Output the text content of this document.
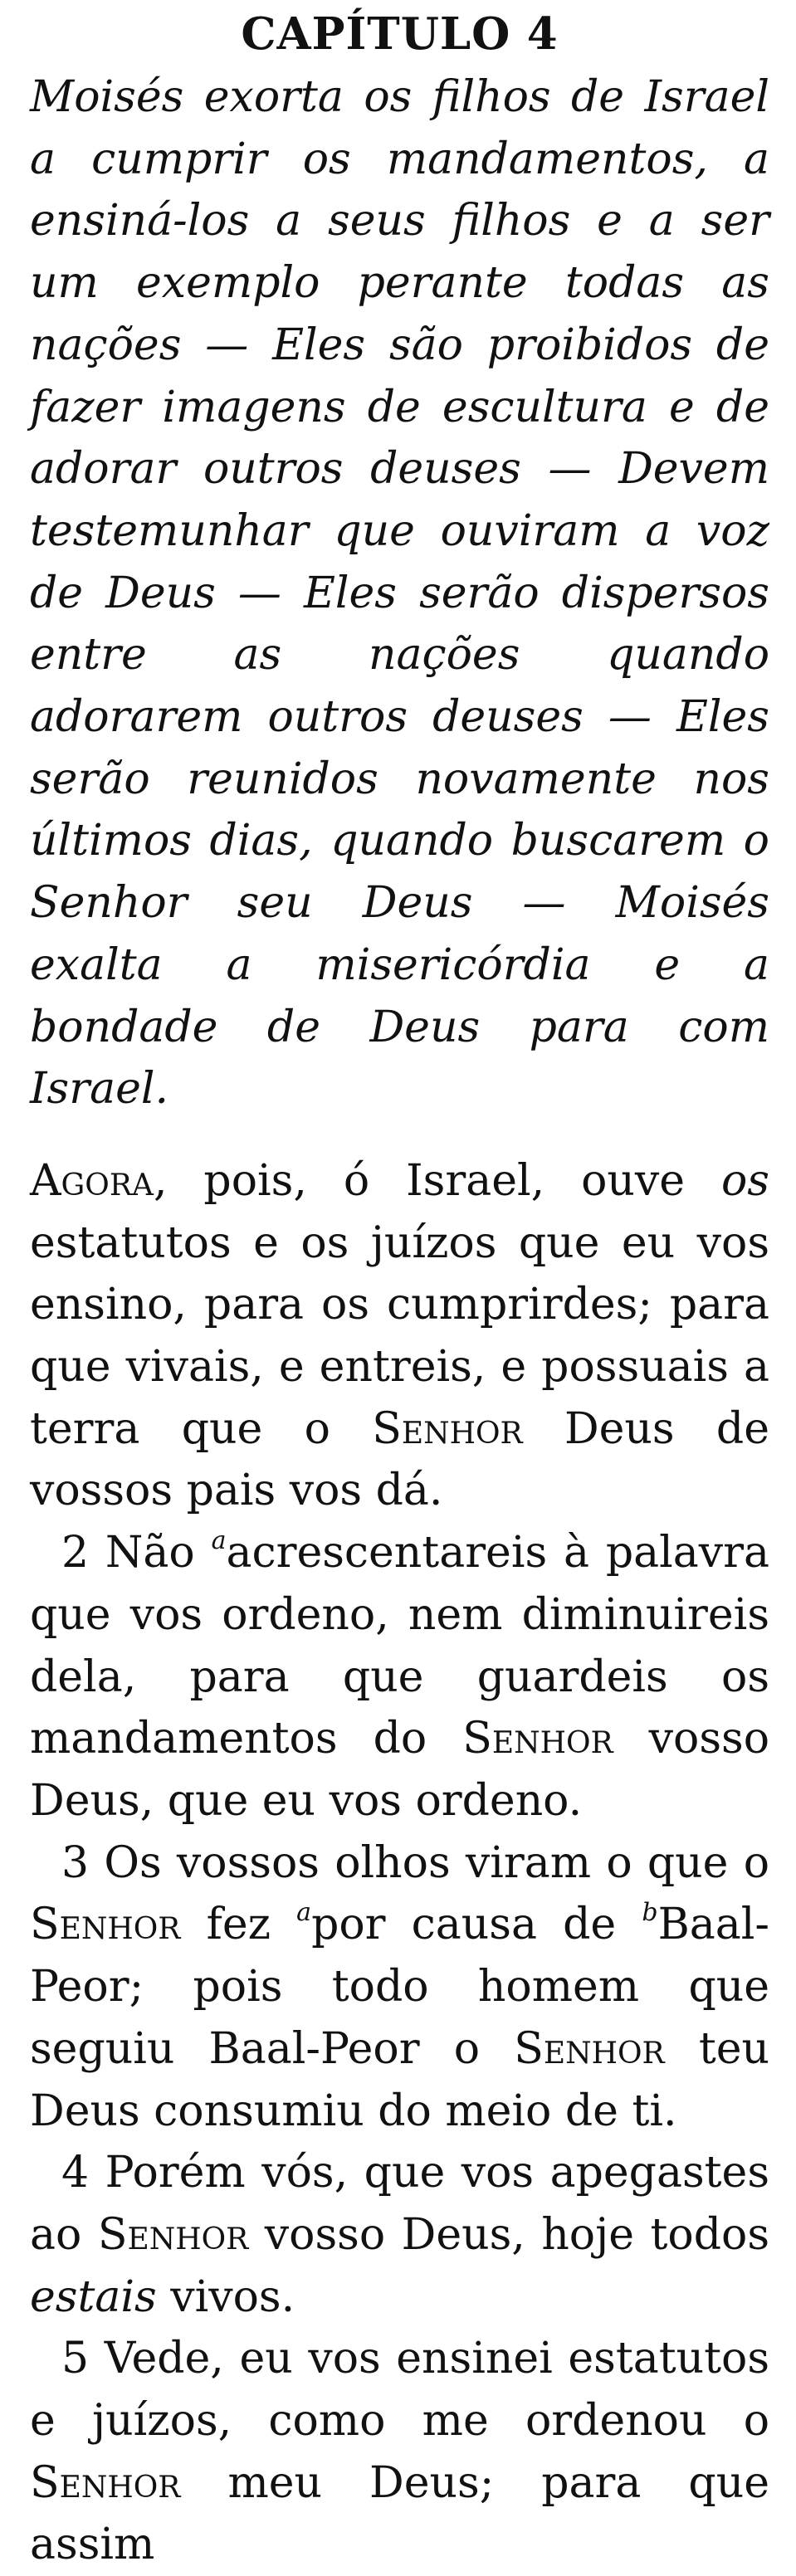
CAPÍTULO 4

Moisés exorta os filhos de Israel a cumprir os mandamentos, a ensiná-los a seus filhos e a ser um exemplo perante todas as nações — Eles são proibidos de fazer imagens de escultura e de adorar outros deuses — Devem testemunhar que ouviram a voz de Deus — Eles serão dispersos entre as nações quando adorarem outros deuses — Eles serão reunidos novamente nos últimos dias, quando buscarem o Senhor seu Deus — Moisés exalta a misericórdia e a bondade de Deus para com Israel.

Agora, pois, ó Israel, ouve os estatutos e os juízos que eu vos ensino, para os cumprirdes; para que vivais, e entreis, e possuais a terra que o Senhor Deus de vossos pais vos dá.

2 Não $^a$acrescentareis à palavra que vos ordeno, nem diminuireis dela, para que guardeis os mandamentos do Senhor vosso Deus, que eu vos ordeno.

3 Os vossos olhos viram o que o Senhor fez $^a$por causa de $^b$Baal-Peor; pois todo homem que seguiu Baal-Peor o Senhor teu Deus consumiu do meio de ti.

4 Porém vós, que vos apegastes ao Senhor vosso Deus, hoje todos estais vivos.

5 Vede, eu vos ensinei estatutos e juízos, como me ordenou o Senhor meu Deus; para que assim
